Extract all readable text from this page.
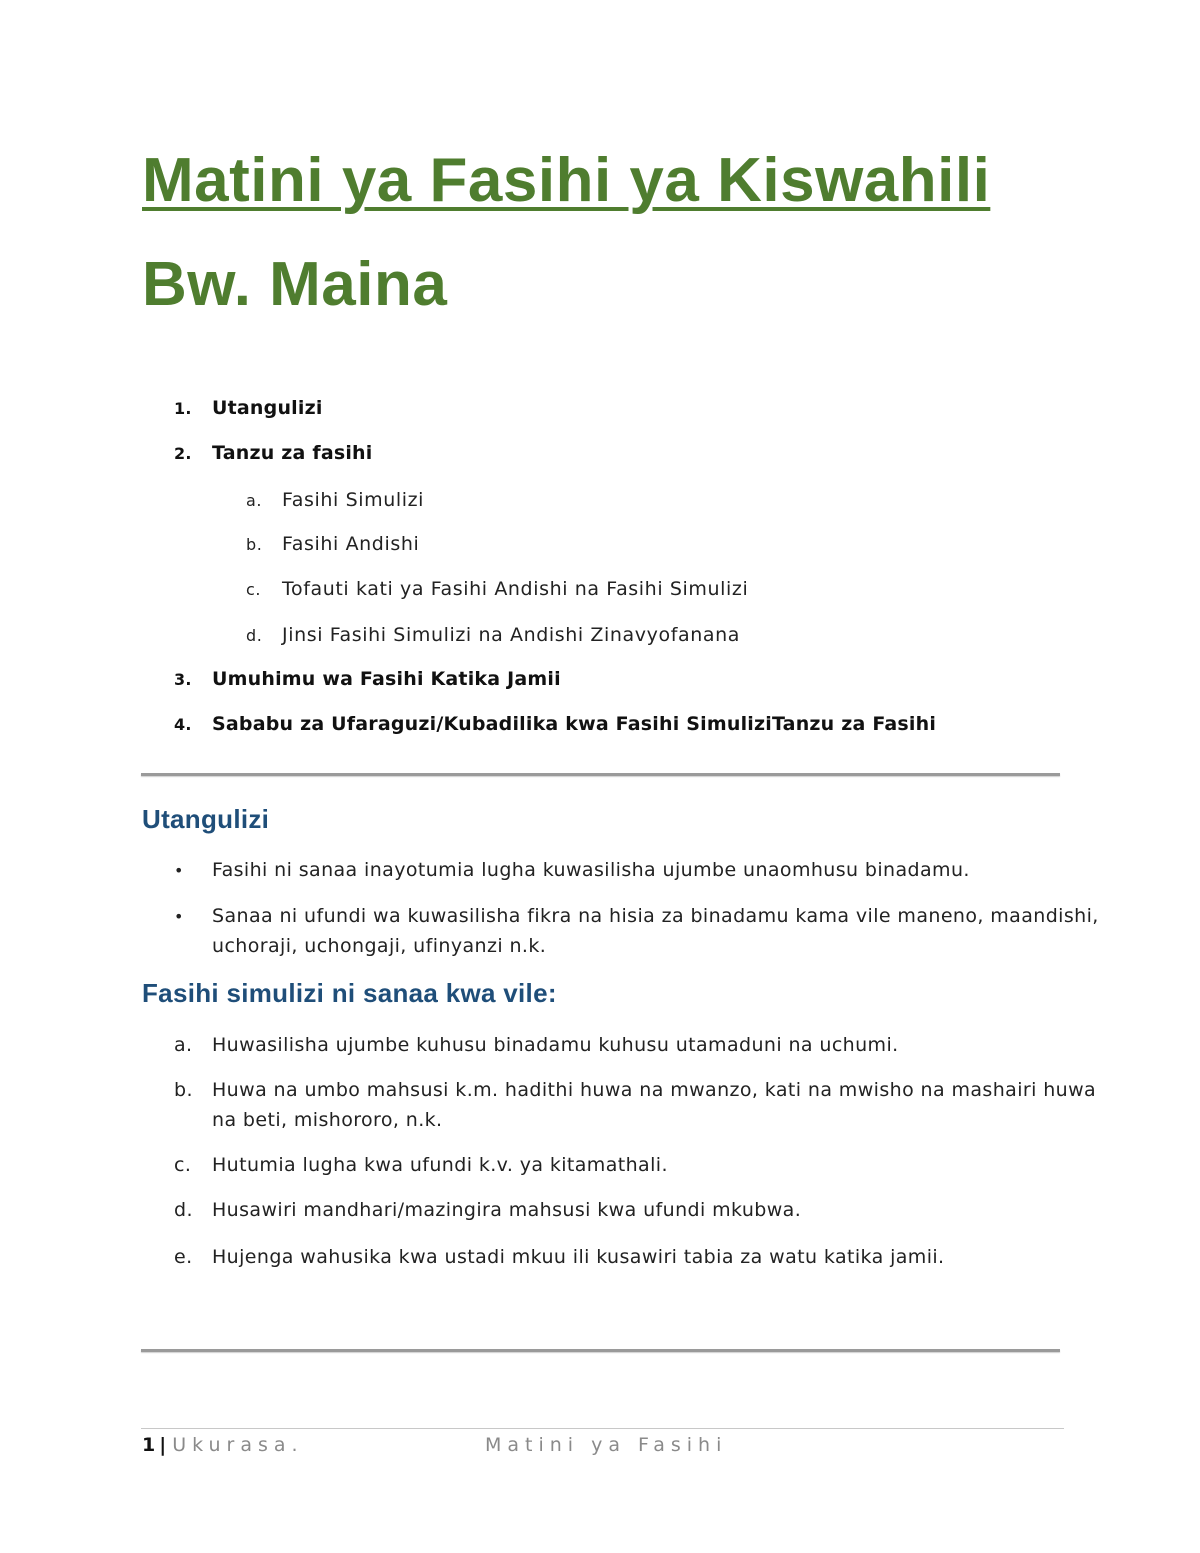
Matini ya Fasihi ya Kiswahili
Bw. Maina
1. Utangulizi
2. Tanzu za fasihi
a. Fasihi Simulizi
b. Fasihi Andishi
c. Tofauti kati ya Fasihi Andishi na Fasihi Simulizi
d. Jinsi Fasihi Simulizi na Andishi Zinavyofanana
3. Umuhimu wa Fasihi Katika Jamii
4. Sababu za Ufaraguzi/Kubadilika kwa Fasihi SimuliziTanzu za Fasihi
Utangulizi
• Fasihi ni sanaa inayotumia lugha kuwasilisha ujumbe unaomhusu binadamu.
• Sanaa ni ufundi wa kuwasilisha fikra na hisia za binadamu kama vile maneno, maandishi,
uchoraji, uchongaji, ufinyanzi n.k.
Fasihi simulizi ni sanaa kwa vile:
a. Huwasilisha ujumbe kuhusu binadamu kuhusu utamaduni na uchumi.
b. Huwa na umbo mahsusi k.m. hadithi huwa na mwanzo, kati na mwisho na mashairi huwa
na beti, mishororo, n.k.
c. Hutumia lugha kwa ufundi k.v. ya kitamathali.
d. Husawiri mandhari/mazingira mahsusi kwa ufundi mkubwa.
e. Hujenga wahusika kwa ustadi mkuu ili kusawiri tabia za watu katika jamii.
1 | Ukurasa.	Matini ya Fasihi
